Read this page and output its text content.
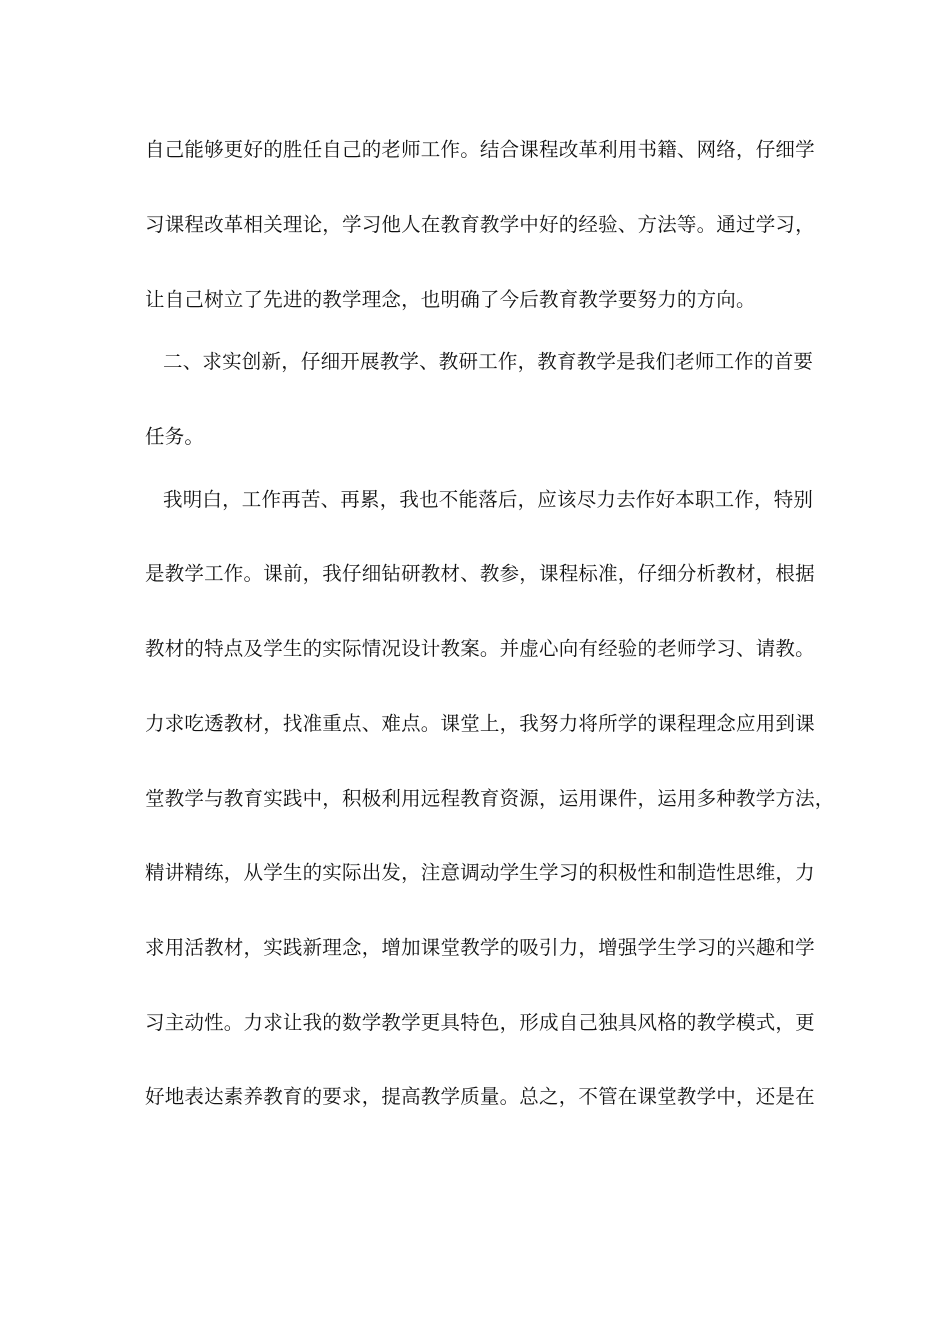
自己能够更好的胜任自己的老师工作。结合课程改革利用书籍、网络，仔细学
习课程改革相关理论，学习他人在教育教学中好的经验、方法等。通过学习，
让自己树立了先进的教学理念，也明确了今后教育教学要努力的方向。
二、求实创新，仔细开展教学、教研工作，教育教学是我们老师工作的首要
任务。
我明白，工作再苦、再累，我也不能落后，应该尽力去作好本职工作，特别
是教学工作。课前，我仔细钻研教材、教参，课程标准，仔细分析教材，根据
教材的特点及学生的实际情况设计教案。并虚心向有经验的老师学习、请教。
力求吃透教材，找准重点、难点。课堂上，我努力将所学的课程理念应用到课
堂教学与教育实践中，积极利用远程教育资源，运用课件，运用多种教学方法，
精讲精练，从学生的实际出发，注意调动学生学习的积极性和制造性思维，力
求用活教材，实践新理念，增加课堂教学的吸引力，增强学生学习的兴趣和学
习主动性。力求让我的数学教学更具特色，形成自己独具风格的教学模式，更
好地表达素养教育的要求，提高教学质量。总之，不管在课堂教学中，还是在
